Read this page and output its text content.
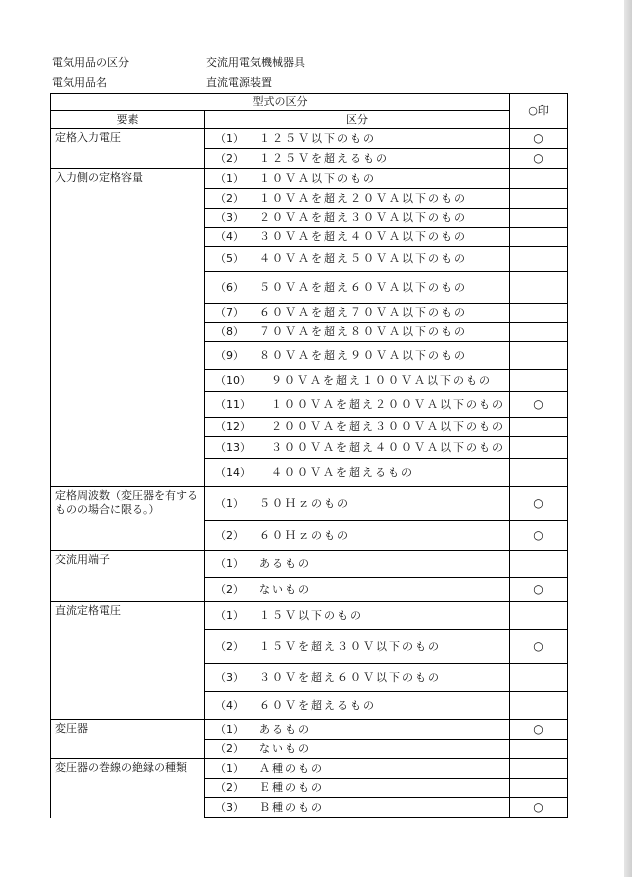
電気用品の区分	交流用電気機械器具
電気用品名	直流電源装置
型式の区分		○印
要素	区分	
定格入力電圧	（1） １２５Ｖ以下のもの	○
	（2） １２５Ｖを超えるもの	○
入力側の定格容量	（1） １０ＶＡ以下のもの	
	（2） １０ＶＡを超え２０ＶＡ以下のもの	
	（3） ２０ＶＡを超え３０ＶＡ以下のもの	
	（4） ３０ＶＡを超え４０ＶＡ以下のもの	
	（5） ４０ＶＡを超え５０ＶＡ以下のもの	
	（6） ５０ＶＡを超え６０ＶＡ以下のもの	
	（7） ６０ＶＡを超え７０ＶＡ以下のもの	
	（8） ７０ＶＡを超え８０ＶＡ以下のもの	
	（9） ８０ＶＡを超え９０ＶＡ以下のもの	
	（10） ９０ＶＡを超え１００ＶＡ以下のもの	
	（11） １００ＶＡを超え２００ＶＡ以下のもの	○
	（12） ２００ＶＡを超え３００ＶＡ以下のもの	
	（13） ３００ＶＡを超え４００ＶＡ以下のもの	
	（14） ４００ＶＡを超えるもの	
定格周波数（変圧器を有するものの場合に限る。）	（1） ５０Ｈｚのもの	○
	（2） ６０Ｈｚのもの	○
交流用端子	（1） あるもの	
	（2） ないもの	○
直流定格電圧	（1） １５Ｖ以下のもの	
	（2） １５Ｖを超え３０Ｖ以下のもの	○
	（3） ３０Ｖを超え６０Ｖ以下のもの	
	（4） ６０Ｖを超えるもの	
変圧器	（1） あるもの	○
	（2） ないもの	
変圧器の巻線の絶縁の種類	（1） Ａ種のもの	
	（2） Ｅ種のもの	
	（3） Ｂ種のもの	○
